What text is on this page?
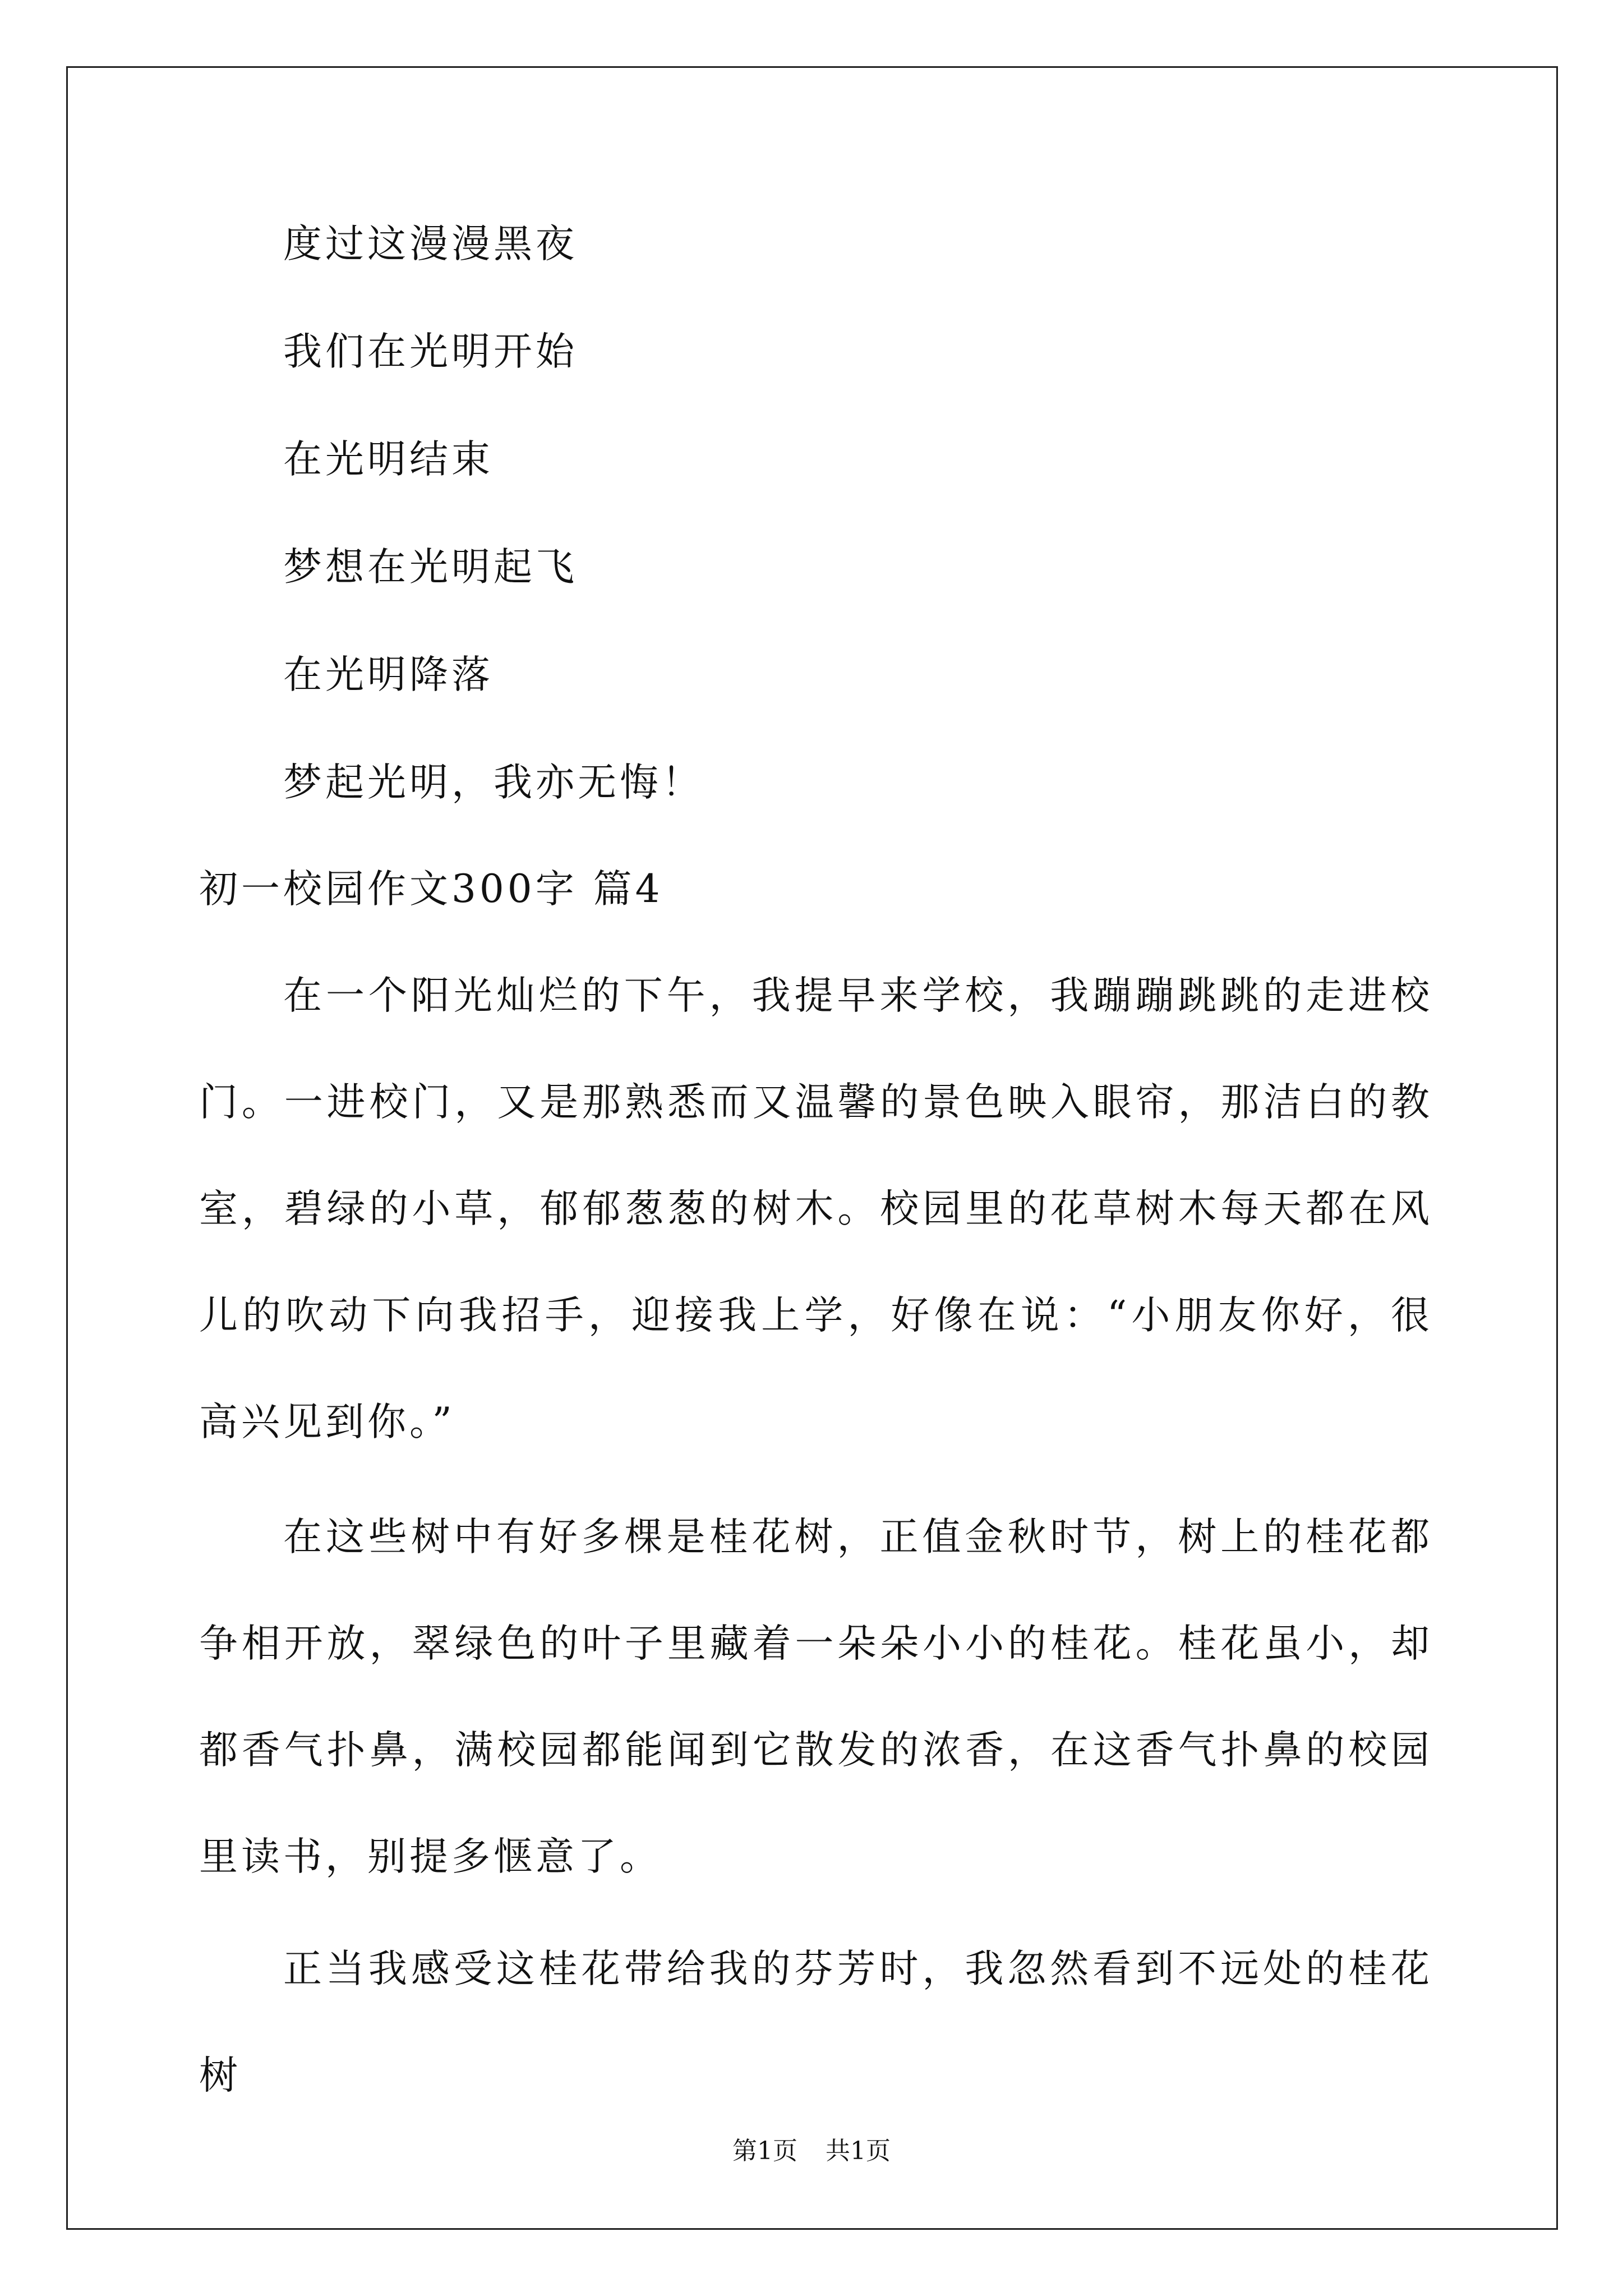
度过这漫漫黑夜
我们在光明开始
在光明结束
梦想在光明起飞
在光明降落
梦起光明，我亦无悔！
初一校园作文300字 篇4
在一个阳光灿烂的下午，我提早来学校，我蹦蹦跳跳的走进校门。一进校门，又是那熟悉而又温馨的景色映入眼帘，那洁白的教室，碧绿的小草，郁郁葱葱的树木。校园里的花草树木每天都在风儿的吹动下向我招手，迎接我上学，好像在说：“小朋友你好，很高兴见到你。”
在这些树中有好多棵是桂花树，正值金秋时节，树上的桂花都争相开放，翠绿色的叶子里藏着一朵朵小小的桂花。桂花虽小，却都香气扑鼻，满校园都能闻到它散发的浓香，在这香气扑鼻的校园里读书，别提多惬意了。
正当我感受这桂花带给我的芬芳时，我忽然看到不远处的桂花树
第1页 共1页
